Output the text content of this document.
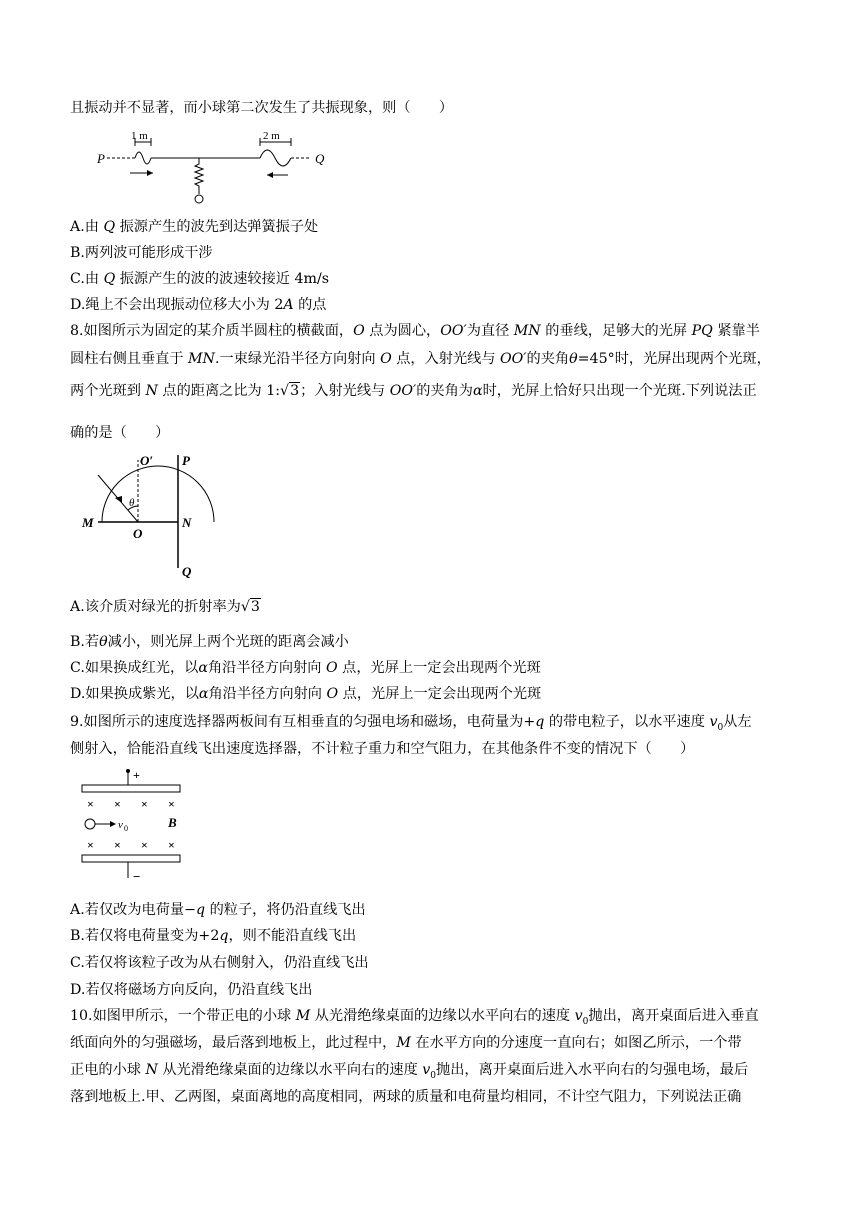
且振动并不显著，而小球第二次发生了共振现象，则（　　）
P	Q
1 m	2 m
A.由 Q 振源产生的波先到达弹簧振子处
B.两列波可能形成干涉
C.由 Q 振源产生的波的波速较接近 4m/s
D.绳上不会出现振动位移大小为 2A 的点
8.如图所示为固定的某介质半圆柱的横截面，O 点为圆心，OO′为直径 MN 的垂线，足够大的光屏 PQ 紧靠半
圆柱右侧且垂直于 MN.一束绿光沿半径方向射向 O 点，入射光线与 OO′的夹角θ=45°时，光屏出现两个光斑，
两个光斑到 N 点的距离之比为 1:√3；入射光线与 OO′的夹角为α时，光屏上恰好只出现一个光斑.下列说法正
确的是（　　）
O′ P
M	N
O
Q
θ
A.该介质对绿光的折射率为√3
B.若θ减小，则光屏上两个光斑的距离会减小
C.如果换成红光，以α角沿半径方向射向 O 点，光屏上一定会出现两个光斑
D.如果换成紫光，以α角沿半径方向射向 O 点，光屏上一定会出现两个光斑
9.如图所示的速度选择器两板间有互相垂直的匀强电场和磁场，电荷量为+q 的带电粒子，以水平速度 $v_0$从左
侧射入，恰能沿直线飞出速度选择器，不计粒子重力和空气阻力，在其他条件不变的情况下（　　）
+
−
B
v 0
× × × ×
× × × ×
A.若仅改为电荷量−q 的粒子，将仍沿直线飞出
B.若仅将电荷量变为+2q，则不能沿直线飞出
C.若仅将该粒子改为从右侧射入，仍沿直线飞出
D.若仅将磁场方向反向，仍沿直线飞出
10.如图甲所示，一个带正电的小球 M 从光滑绝缘桌面的边缘以水平向右的速度 $v_0$抛出，离开桌面后进入垂直
纸面向外的匀强磁场，最后落到地板上，此过程中，M 在水平方向的分速度一直向右；如图乙所示，一个带
正电的小球 N 从光滑绝缘桌面的边缘以水平向右的速度 $v_0$抛出，离开桌面后进入水平向右的匀强电场，最后
落到地板上.甲、乙两图，桌面离地的高度相同，两球的质量和电荷量均相同，不计空气阻力，下列说法正确
